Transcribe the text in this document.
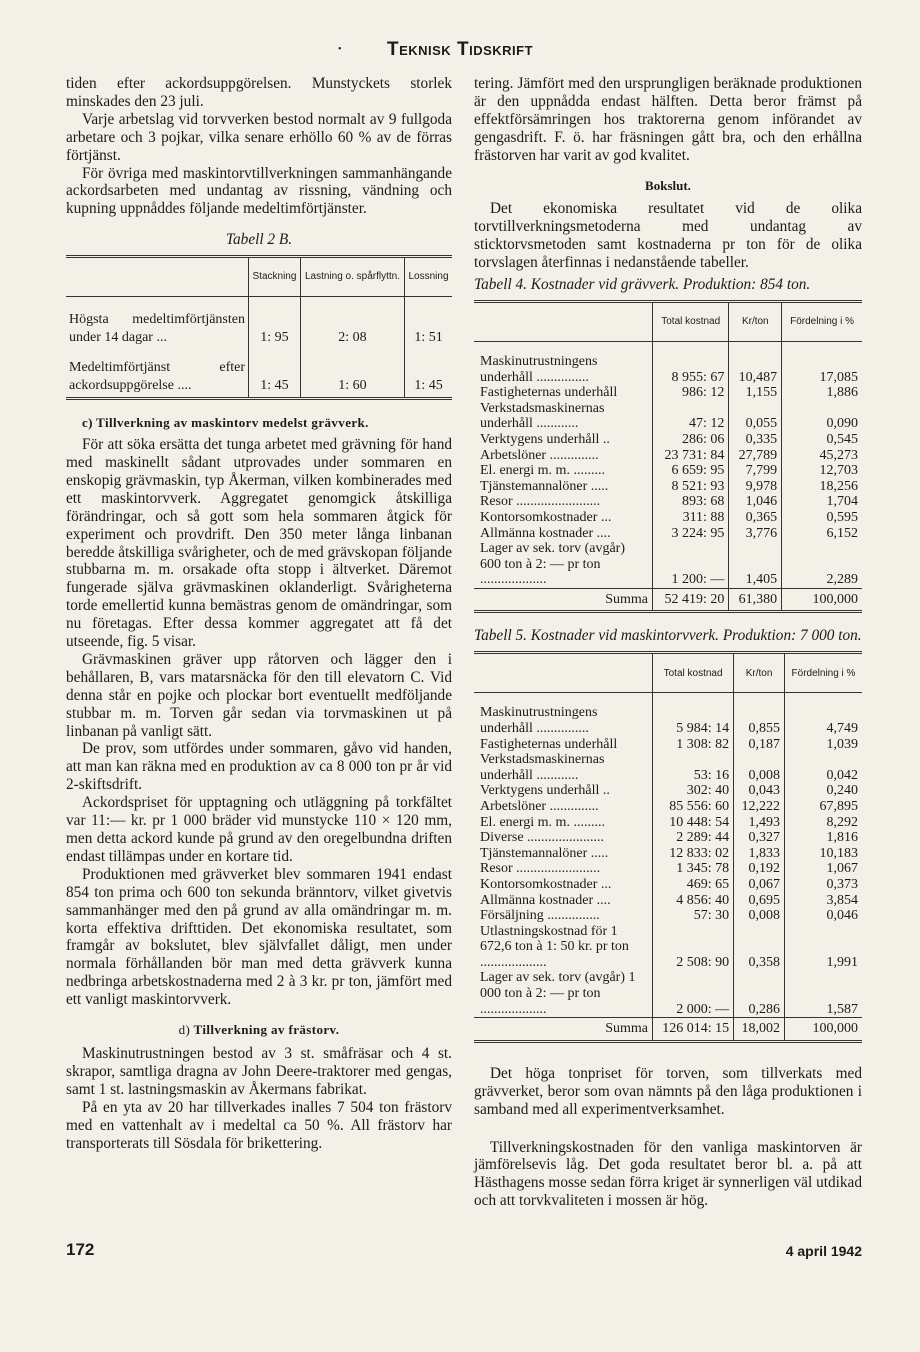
Teknisk Tidskrift
•

tiden efter ackordsuppgörelsen. Munstyckets storlek minskades den 23 juli.

Varje arbetslag vid torvverken bestod normalt av 9 fullgoda arbetare och 3 pojkar, vilka senare erhöllo 60 % av de förras förtjänst.

För övriga med maskintorvtillverkningen sammanhängande ackordsarbeten med undantag av rissning, vändning och kupning uppnåddes följande medeltimförtjänster.

Tabell 2 B.
	Stackning	Lastning o. spårflyttn.	Lossning
Högsta medeltimförtjänsten under 14 dagar ...	1: 95	2: 08	1: 51
Medeltimförtjänst efter ackordsuppgörelse ....	1: 45	1: 60	1: 45
c) Tillverkning av maskintorv medelst grävverk.

För att söka ersätta det tunga arbetet med grävning för hand med maskinellt sådant utprovades under sommaren en enskopig grävmaskin, typ Åkerman, vilken kombinerades med ett maskintorvverk. Aggregatet genomgick åtskilliga förändringar, och så gott som hela sommaren åtgick för experiment och provdrift. Den 350 meter långa linbanan beredde åtskilliga svårigheter, och de med grävskopan följande stubbarna m. m. orsakade ofta stopp i ältverket. Däremot fungerade själva grävmaskinen oklanderligt. Svårigheterna torde emellertid kunna bemästras genom de omändringar, som nu företagas. Efter dessa kommer aggregatet att få det utseende, fig. 5 visar.

Grävmaskinen gräver upp råtorven och lägger den i behållaren, B, vars matarsnäcka för den till elevatorn C. Vid denna står en pojke och plockar bort eventuellt medföljande stubbar m. m. Torven går sedan via torvmaskinen ut på linbanan på vanligt sätt.

De prov, som utfördes under sommaren, gåvo vid handen, att man kan räkna med en produktion av ca 8 000 ton pr år vid 2-skiftsdrift.

Ackordspriset för upptagning och utläggning på torkfältet var 11:— kr. pr 1 000 bräder vid munstycke 110 × 120 mm, men detta ackord kunde på grund av den oregelbundna driften endast tillämpas under en kortare tid.

Produktionen med grävverket blev sommaren 1941 endast 854 ton prima och 600 ton sekunda bränntorv, vilket givetvis sammanhänger med den på grund av alla omändringar m. m. korta effektiva drifttiden. Det ekonomiska resultatet, som framgår av bokslutet, blev självfallet dåligt, men under normala förhållanden bör man med detta grävverk kunna nedbringa arbetskostnaderna med 2 à 3 kr. pr ton, jämfört med ett vanligt maskintorvverk.

d) Tillverkning av frästorv.

Maskinutrustningen bestod av 3 st. småfräsar och 4 st. skrapor, samtliga dragna av John Deere-traktorer med gengas, samt 1 st. lastningsmaskin av Åkermans fabrikat.

På en yta av 20 har tillverkades inalles 7 504 ton frästorv med en vattenhalt av i medeltal ca 50 %. All frästorv har transporterats till Sösdala för brikettering.

tering. Jämfört med den ursprungligen beräknade produktionen är den uppnådda endast hälften. Detta beror främst på effektförsämringen hos traktorerna genom införandet av gengasdrift. F. ö. har fräsningen gått bra, och den erhållna frästorven har varit av god kvalitet.

Bokslut.

Det ekonomiska resultatet vid de olika torvtillverkningsmetoderna med undantag av sticktorvsmetoden samt kostnaderna pr ton för de olika torvslagen återfinnas i nedanstående tabeller.

Tabell 4. Kostnader vid grävverk. Produktion: 854 ton.
	Total kostnad	Kr/ton	Fördelning i %
Maskinutrustningens underhåll ...............	8 955: 67	10,487	17,085
Fastigheternas underhåll	986: 12	1,155	1,886
Verkstadsmaskinernas underhåll ............	47: 12	0,055	0,090
Verktygens underhåll ..	286: 06	0,335	0,545
Arbetslöner ..............	23 731: 84	27,789	45,273
El. energi m. m. .........	6 659: 95	7,799	12,703
Tjänstemannalöner .....	8 521: 93	9,978	18,256
Resor ........................	893: 68	1,046	1,704
Kontorsomkostnader ...	311: 88	0,365	0,595
Allmänna kostnader ....	3 224: 95	3,776	6,152
Lager av sek. torv (avgår) 600 ton à 2: — pr ton ...................	1 200: —	1,405	2,289
Summa	52 419: 20	61,380	100,000
Tabell 5. Kostnader vid maskintorvverk. Produktion: 7 000 ton.
	Total kostnad	Kr/ton	Fördelning i %
Maskinutrustningens underhåll ...............	5 984: 14	0,855	4,749
Fastigheternas underhåll	1 308: 82	0,187	1,039
Verkstadsmaskinernas underhåll ............	53: 16	0,008	0,042
Verktygens underhåll ..	302: 40	0,043	0,240
Arbetslöner ..............	85 556: 60	12,222	67,895
El. energi m. m. .........	10 448: 54	1,493	8,292
Diverse ......................	2 289: 44	0,327	1,816
Tjänstemannalöner .....	12 833: 02	1,833	10,183
Resor ........................	1 345: 78	0,192	1,067
Kontorsomkostnader ...	469: 65	0,067	0,373
Allmänna kostnader ....	4 856: 40	0,695	3,854
Försäljning ...............	57: 30	0,008	0,046
Utlastningskostnad för 1 672,6 ton à 1: 50 kr. pr ton ...................	2 508: 90	0,358	1,991
Lager av sek. torv (avgår) 1 000 ton à 2: — pr ton ...................	2 000: —	0,286	1,587
Summa	126 014: 15	18,002	100,000

Det höga tonpriset för torven, som tillverkats med grävverket, beror som ovan nämnts på den låga produktionen i samband med all experimentverksamhet.

Tillverkningskostnaden för den vanliga maskintorven är jämförelsevis låg. Det goda resultatet beror bl. a. på att Hästhagens mosse sedan förra kriget är synnerligen väl utdikad och att torvkvaliteten i mossen är hög.

172	4 april 1942
